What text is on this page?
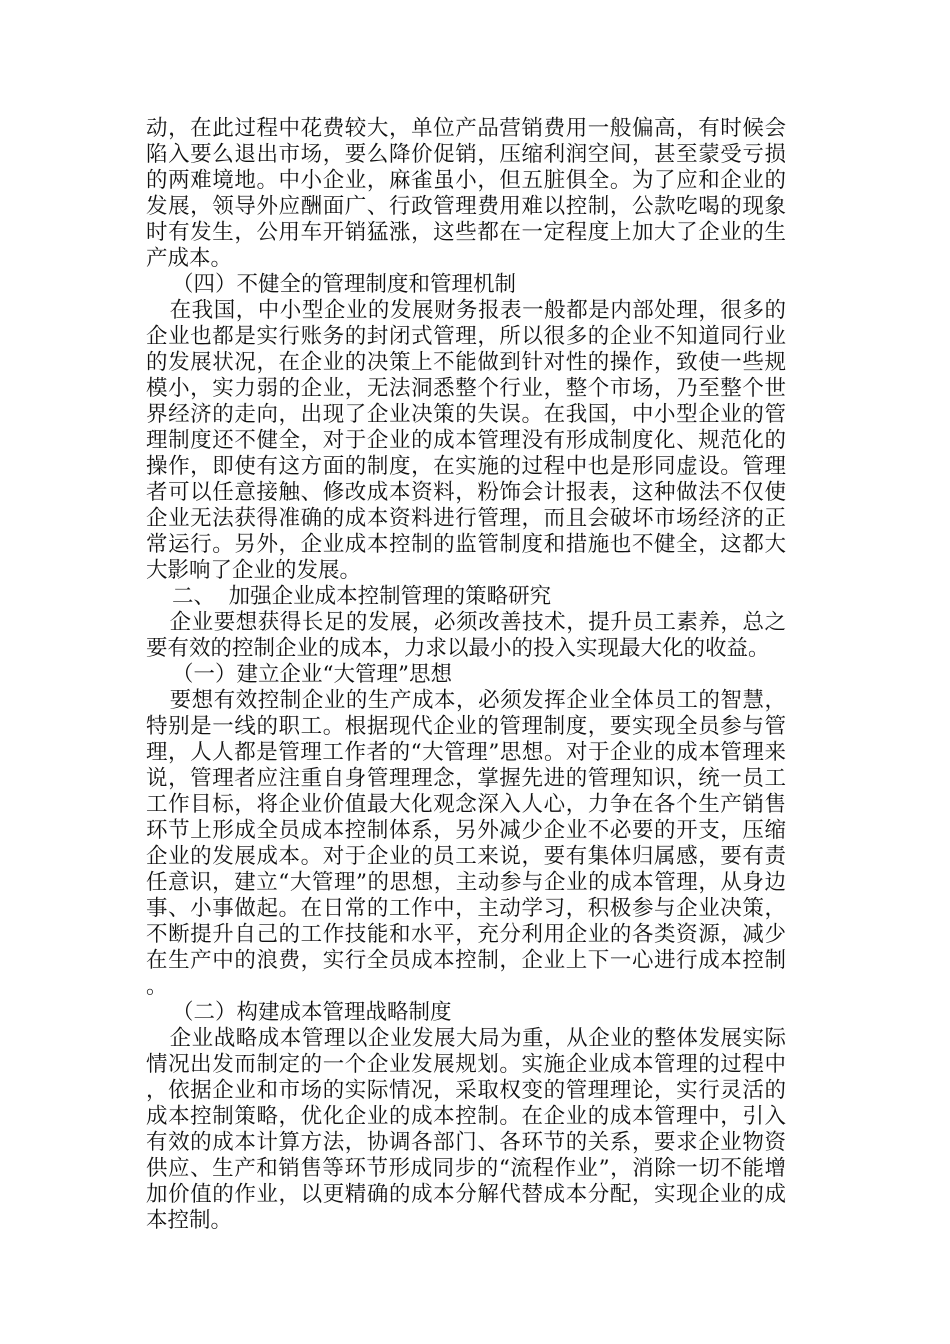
动，在此过程中花费较大，单位产品营销费用一般偏高，有时候会陷入要么退出市场，要么降价促销，压缩利润空间，甚至蒙受亏损的两难境地。中小企业，麻雀虽小，但五脏俱全。为了应和企业的发展，领导外应酬面广、行政管理费用难以控制，公款吃喝的现象时有发生，公用车开销猛涨，这些都在一定程度上加大了企业的生产成本。

（四）不健全的管理制度和管理机制

在我国，中小型企业的发展财务报表一般都是内部处理，很多的企业也都是实行账务的封闭式管理，所以很多的企业不知道同行业的发展状况，在企业的决策上不能做到针对性的操作，致使一些规模小，实力弱的企业，无法洞悉整个行业，整个市场，乃至整个世界经济的走向，出现了企业决策的失误。在我国，中小型企业的管理制度还不健全，对于企业的成本管理没有形成制度化、规范化的操作，即使有这方面的制度，在实施的过程中也是形同虚设。管理者可以任意接触、修改成本资料，粉饰会计报表，这种做法不仅使企业无法获得准确的成本资料进行管理，而且会破坏市场经济的正常运行。另外，企业成本控制的监管制度和措施也不健全，这都大大影响了企业的发展。

二、  加强企业成本控制管理的策略研究

企业要想获得长足的发展，必须改善技术，提升员工素养，总之要有效的控制企业的成本，力求以最小的投入实现最大化的收益。

（一）建立企业“大管理”思想

要想有效控制企业的生产成本，必须发挥企业全体员工的智慧，特别是一线的职工。根据现代企业的管理制度，要实现全员参与管理，人人都是管理工作者的“大管理”思想。对于企业的成本管理来说，管理者应注重自身管理理念，掌握先进的管理知识，统一员工工作目标，将企业价值最大化观念深入人心，力争在各个生产销售环节上形成全员成本控制体系，另外减少企业不必要的开支，压缩企业的发展成本。对于企业的员工来说，要有集体归属感，要有责任意识，建立“大管理”的思想，主动参与企业的成本管理，从身边事、小事做起。在日常的工作中，主动学习，积极参与企业决策，不断提升自己的工作技能和水平，充分利用企业的各类资源，减少在生产中的浪费，实行全员成本控制，企业上下一心进行成本控制。

（二）构建成本管理战略制度

企业战略成本管理以企业发展大局为重，从企业的整体发展实际情况出发而制定的一个企业发展规划。实施企业成本管理的过程中，依据企业和市场的实际情况，采取权变的管理理论，实行灵活的成本控制策略，优化企业的成本控制。在企业的成本管理中，引入有效的成本计算方法，协调各部门、各环节的关系，要求企业物资供应、生产和销售等环节形成同步的“流程作业”，消除一切不能增加价值的作业，以更精确的成本分解代替成本分配，实现企业的成本控制。
